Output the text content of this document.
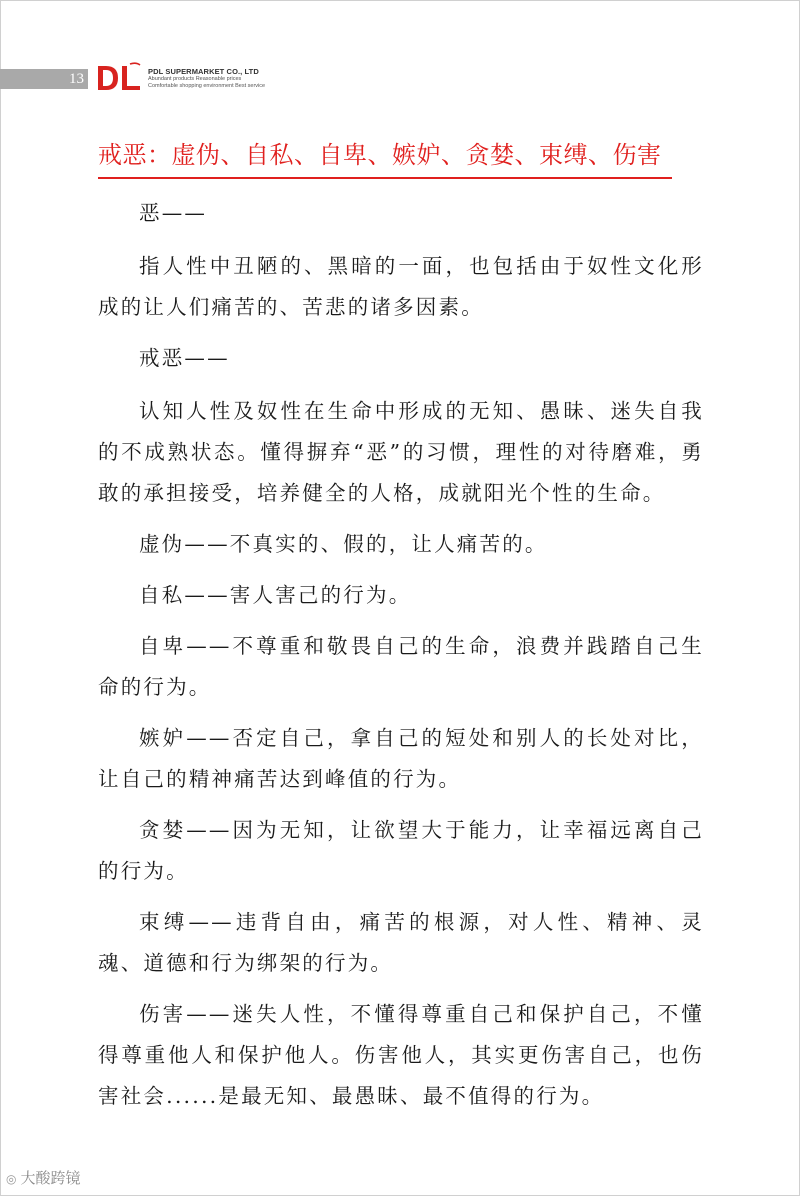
13	PDL SUPERMARKET CO., LTD
Abundant products Reasonable prices
Comfortable shopping environment Best service
戒恶：虚伪、自私、自卑、嫉妒、贪婪、束缚、伤害

恶——

指人性中丑陋的、黑暗的一面，也包括由于奴性文化形成的让人们痛苦的、苦悲的诸多因素。

戒恶——

认知人性及奴性在生命中形成的无知、愚昧、迷失自我的不成熟状态。懂得摒弃“恶”的习惯，理性的对待磨难，勇敢的承担接受，培养健全的人格，成就阳光个性的生命。

虚伪——不真实的、假的，让人痛苦的。

自私——害人害己的行为。

自卑——不尊重和敬畏自己的生命，浪费并践踏自己生命的行为。

嫉妒——否定自己，拿自己的短处和别人的长处对比，让自己的精神痛苦达到峰值的行为。

贪婪——因为无知，让欲望大于能力，让幸福远离自己的行为。

束缚——违背自由，痛苦的根源，对人性、精神、灵魂、道德和行为绑架的行为。

伤害——迷失人性，不懂得尊重自己和保护自己，不懂得尊重他人和保护他人。伤害他人，其实更伤害自己，也伤害社会......是最无知、最愚昧、最不值得的行为。

◎ 大酸跨镜
